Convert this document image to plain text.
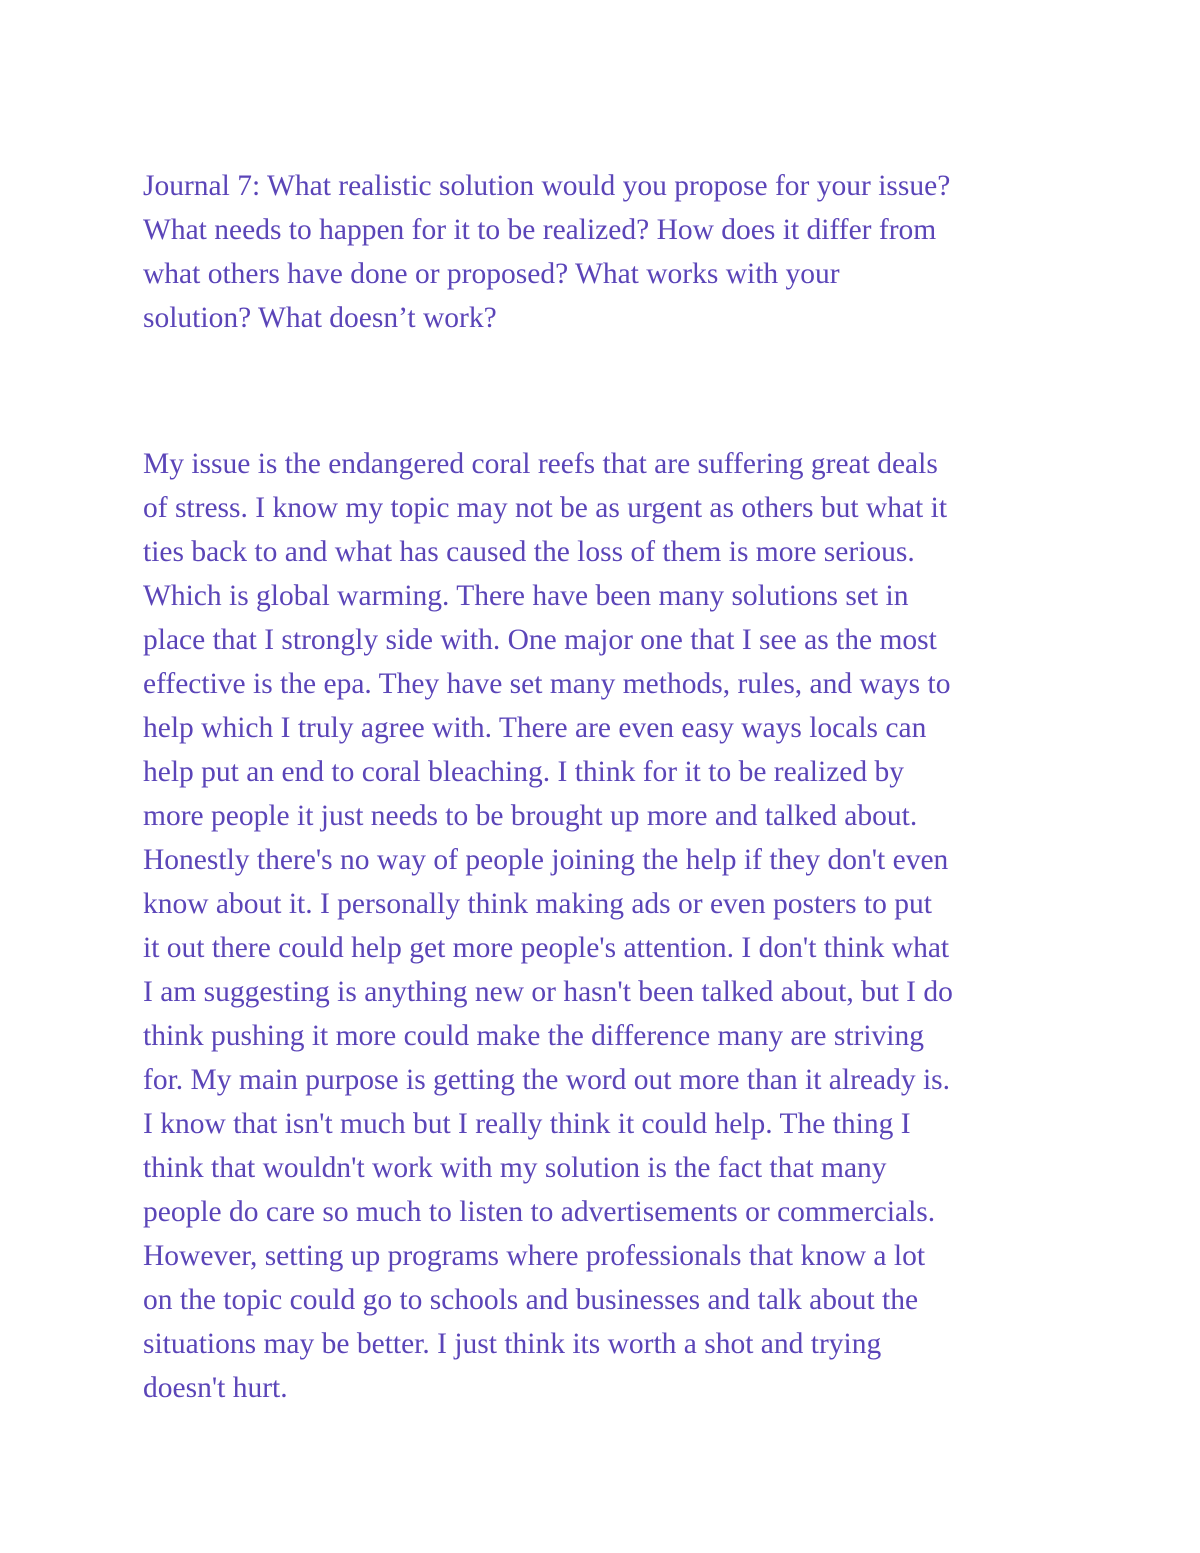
Journal 7: What realistic solution would you propose for your issue?
What needs to happen for it to be realized? How does it differ from
what others have done or proposed? What works with your
solution? What doesn’t work?
My issue is the endangered coral reefs that are suffering great deals
of stress. I know my topic may not be as urgent as others but what it
ties back to and what has caused the loss of them is more serious.
Which is global warming. There have been many solutions set in
place that I strongly side with. One major one that I see as the most
effective is the epa. They have set many methods, rules, and ways to
help which I truly agree with. There are even easy ways locals can
help put an end to coral bleaching. I think for it to be realized by
more people it just needs to be brought up more and talked about.
Honestly there's no way of people joining the help if they don't even
know about it. I personally think making ads or even posters to put
it out there could help get more people's attention. I don't think what
I am suggesting is anything new or hasn't been talked about, but I do
think pushing it more could make the difference many are striving
for. My main purpose is getting the word out more than it already is.
I know that isn't much but I really think it could help. The thing I
think that wouldn't work with my solution is the fact that many
people do care so much to listen to advertisements or commercials.
However, setting up programs where professionals that know a lot
on the topic could go to schools and businesses and talk about the
situations may be better. I just think its worth a shot and trying
doesn't hurt.
